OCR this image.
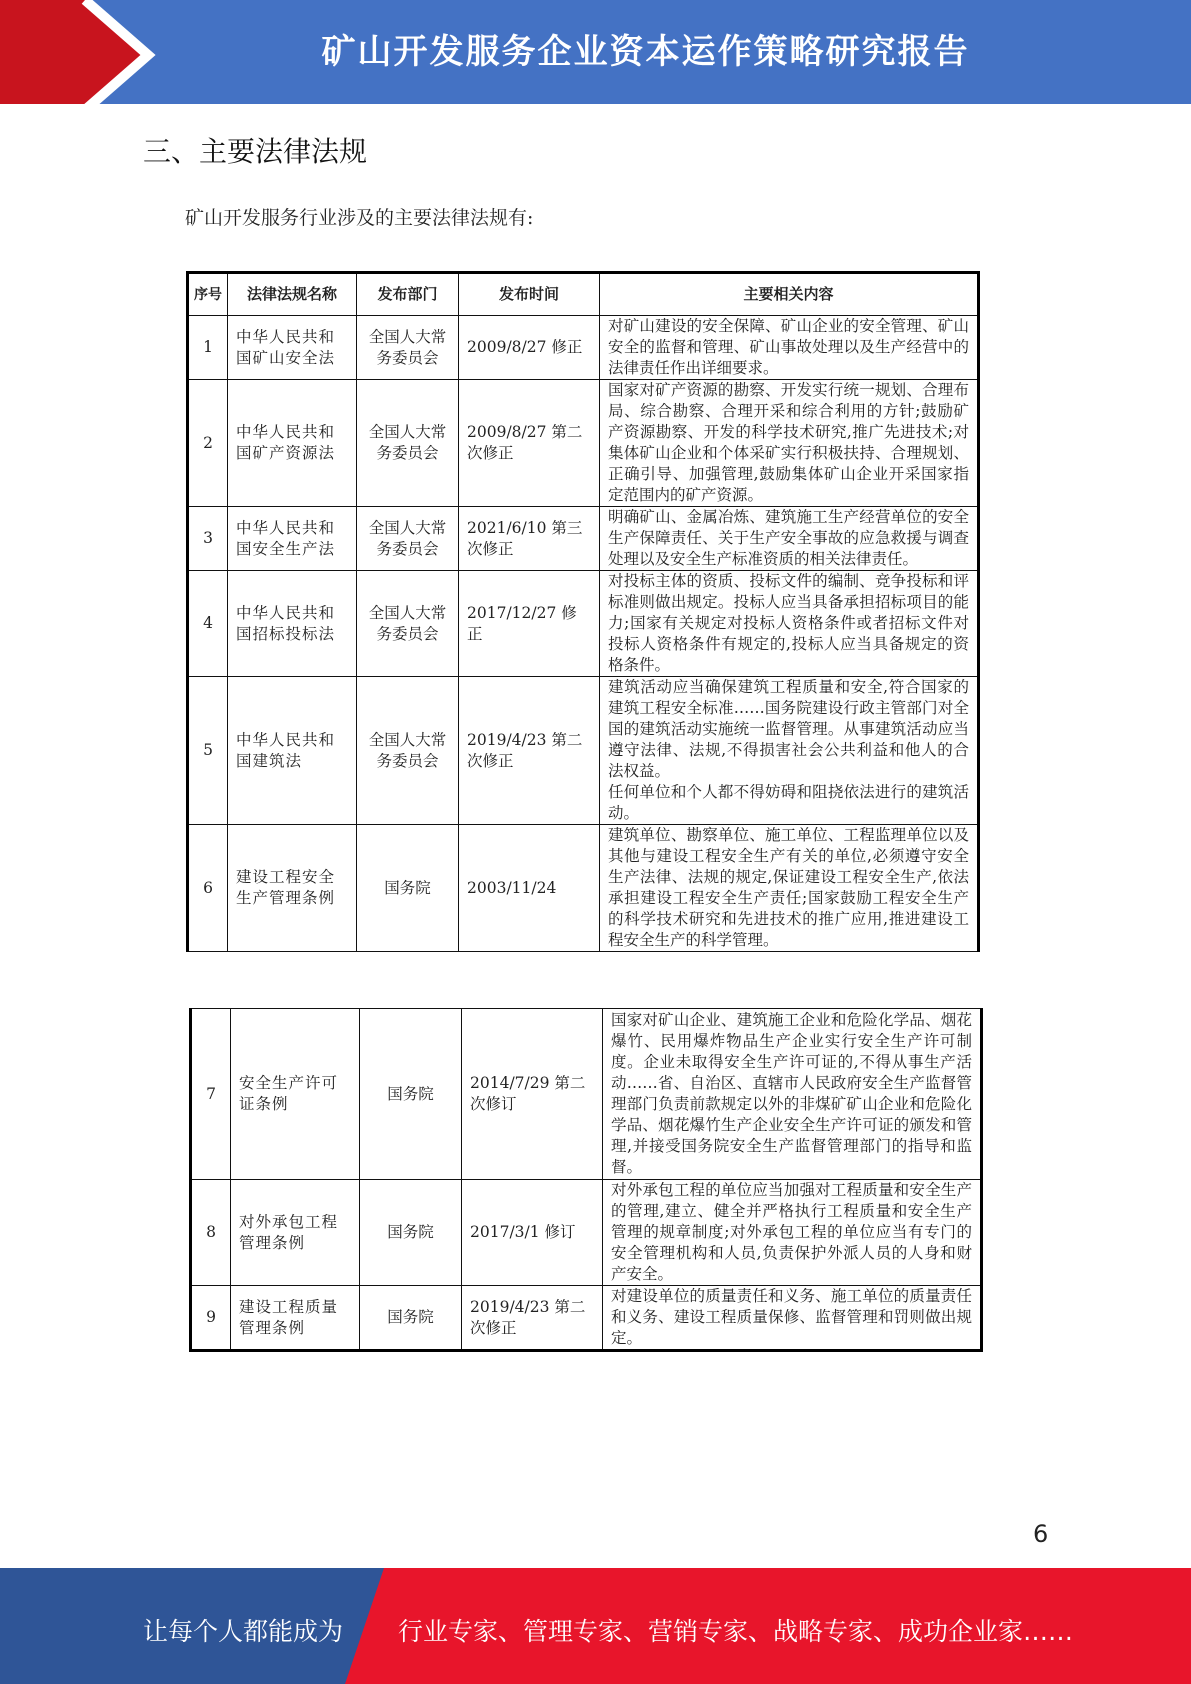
矿山开发服务企业资本运作策略研究报告
三、主要法律法规
矿山开发服务行业涉及的主要法律法规有:
序号	法律法规名称	发布部门	发布时间	主要相关内容
1	中华人民共和国矿山安全法	全国人大常务委员会	2009/8/27 修正	对矿山建设的安全保障、矿山企业的安全管理、矿山安全的监督和管理、矿山事故处理以及生产经营中的法律责任作出详细要求。
2	中华人民共和国矿产资源法	全国人大常务委员会	2009/8/27 第二次修正	国家对矿产资源的勘察、开发实行统一规划、合理布局、综合勘察、合理开采和综合利用的方针;鼓励矿产资源勘察、开发的科学技术研究,推广先进技术;对集体矿山企业和个体采矿实行积极扶持、合理规划、正确引导、加强管理,鼓励集体矿山企业开采国家指定范围内的矿产资源。
3	中华人民共和国安全生产法	全国人大常务委员会	2021/6/10 第三次修正	明确矿山、金属冶炼、建筑施工生产经营单位的安全生产保障责任、关于生产安全事故的应急救援与调查处理以及安全生产标准资质的相关法律责任。
4	中华人民共和国招标投标法	全国人大常务委员会	2017/12/27 修正	对投标主体的资质、投标文件的编制、竞争投标和评标准则做出规定。投标人应当具备承担招标项目的能力;国家有关规定对投标人资格条件或者招标文件对投标人资格条件有规定的,投标人应当具备规定的资格条件。
5	中华人民共和国建筑法	全国人大常务委员会	2019/4/23 第二次修正	建筑活动应当确保建筑工程质量和安全,符合国家的建筑工程安全标准……国务院建设行政主管部门对全国的建筑活动实施统一监督管理。从事建筑活动应当遵守法律、法规,不得损害社会公共利益和他人的合法权益。
任何单位和个人都不得妨碍和阻挠依法进行的建筑活动。

6	建设工程安全生产管理条例	国务院	2003/11/24	建筑单位、勘察单位、施工单位、工程监理单位以及其他与建设工程安全生产有关的单位,必须遵守安全生产法律、法规的规定,保证建设工程安全生产,依法承担建设工程安全生产责任;国家鼓励工程安全生产的科学技术研究和先进技术的推广应用,推进建设工程安全生产的科学管理。
7	安全生产许可证条例	国务院	2014/7/29 第二次修订	国家对矿山企业、建筑施工企业和危险化学品、烟花爆竹、民用爆炸物品生产企业实行安全生产许可制度。企业未取得安全生产许可证的,不得从事生产活动……省、自治区、直辖市人民政府安全生产监督管理部门负责前款规定以外的非煤矿矿山企业和危险化学品、烟花爆竹生产企业安全生产许可证的颁发和管理,并接受国务院安全生产监督管理部门的指导和监督。
8	对外承包工程管理条例	国务院	2017/3/1 修订	对外承包工程的单位应当加强对工程质量和安全生产的管理,建立、健全并严格执行工程质量和安全生产管理的规章制度;对外承包工程的单位应当有专门的安全管理机构和人员,负责保护外派人员的人身和财产安全。
9	建设工程质量管理条例	国务院	2019/4/23 第二次修正	对建设单位的质量责任和义务、施工单位的质量责任和义务、建设工程质量保修、监督管理和罚则做出规定。
6
让每个人都能成为 行业专家、管理专家、营销专家、战略专家、成功企业家……
